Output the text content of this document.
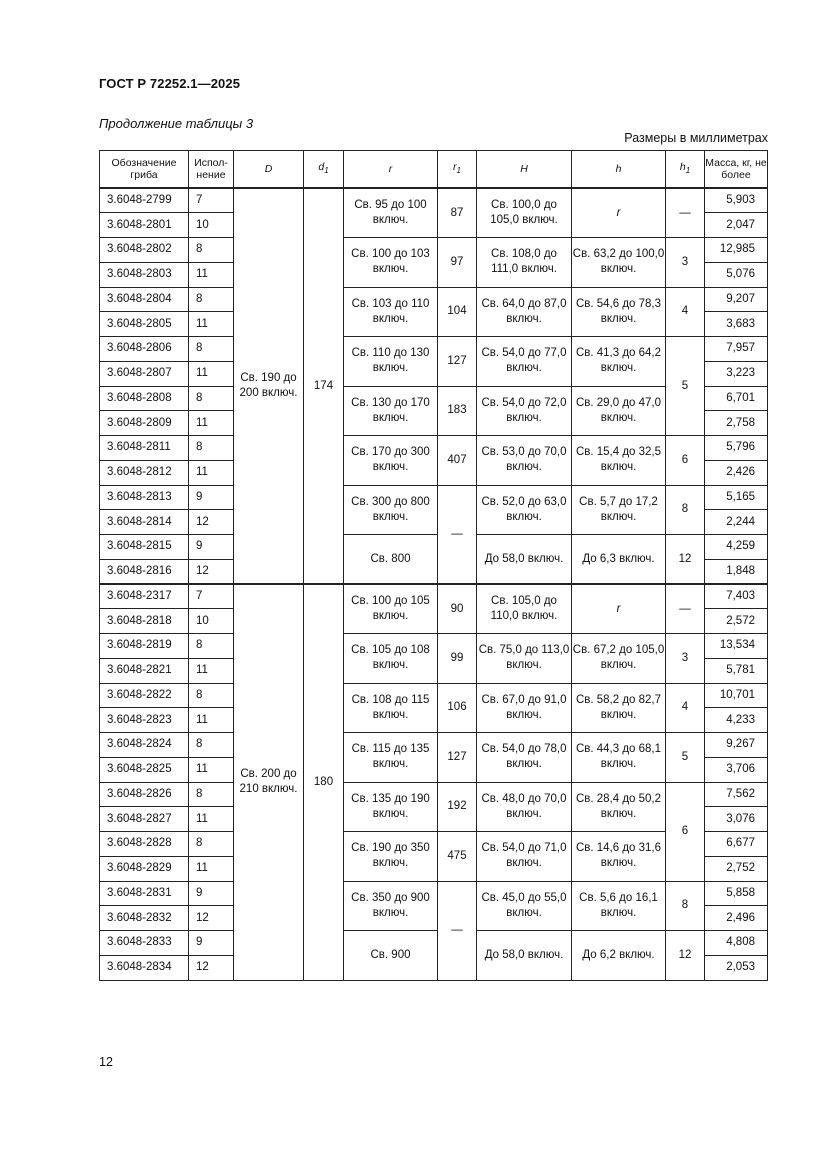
ГОСТ Р 72252.1—2025
Продолжение таблицы 3
Размеры в миллиметрах
Обозначение гриба	Испол-нение	D	$d_1$	r	$r_1$	H	h	$h_1$	Масса, кг, не более
3.6048-2799	7	Св. 190 до 200 включ.	174	Св. 95 до 100 включ.	87	Св. 100,0 до 105,0 включ.	r	—	5,903
3.6048-2801	10								2,047
3.6048-2802	8			Св. 100 до 103 включ.	97	Св. 108,0 до 111,0 включ.	Св. 63,2 до 100,0 включ.	3	12,985
3.6048-2803	11								5,076
3.6048-2804	8			Св. 103 до 110 включ.	104	Св. 64,0 до 87,0 включ.	Св. 54,6 до 78,3 включ.	4	9,207
3.6048-2805	11								3,683
3.6048-2806	8			Св. 110 до 130 включ.	127	Св. 54,0 до 77,0 включ.	Св. 41,3 до 64,2 включ.	5	7,957
3.6048-2807	11								3,223
3.6048-2808	8			Св. 130 до 170 включ.	183	Св. 54,0 до 72,0 включ.	Св. 29,0 до 47,0 включ.		6,701
3.6048-2809	11								2,758
3.6048-2811	8			Св. 170 до 300 включ.	407	Св. 53,0 до 70,0 включ.	Св. 15,4 до 32,5 включ.	6	5,796
3.6048-2812	11								2,426
3.6048-2813	9			Св. 300 до 800 включ.	—	Св. 52,0 до 63,0 включ.	Св. 5,7 до 17,2 включ.	8	5,165
3.6048-2814	12								2,244
3.6048-2815	9			Св. 800		До 58,0 включ.	До 6,3 включ.	12	4,259
3.6048-2816	12								1,848
3.6048-2317	7	Св. 200 до 210 включ.	180	Св. 100 до 105 включ.	90	Св. 105,0 до 110,0 включ.	r	—	7,403
3.6048-2818	10								2,572
3.6048-2819	8			Св. 105 до 108 включ.	99	Св. 75,0 до 113,0 включ.	Св. 67,2 до 105,0 включ.	3	13,534
3.6048-2821	11								5,781
3.6048-2822	8			Св. 108 до 115 включ.	106	Св. 67,0 до 91,0 включ.	Св. 58,2 до 82,7 включ.	4	10,701
3.6048-2823	11								4,233
3.6048-2824	8			Св. 115 до 135 включ.	127	Св. 54,0 до 78,0 включ.	Св. 44,3 до 68,1 включ.	5	9,267
3.6048-2825	11								3,706
3.6048-2826	8			Св. 135 до 190 включ.	192	Св. 48,0 до 70,0 включ.	Св. 28,4 до 50,2 включ.	6	7,562
3.6048-2827	11								3,076
3.6048-2828	8			Св. 190 до 350 включ.	475	Св. 54,0 до 71,0 включ.	Св. 14,6 до 31,6 включ.		6,677
3.6048-2829	11								2,752
3.6048-2831	9			Св. 350 до 900 включ.	—	Св. 45,0 до 55,0 включ.	Св. 5,6 до 16,1 включ.	8	5,858
3.6048-2832	12								2,496
3.6048-2833	9			Св. 900		До 58,0 включ.	До 6,2 включ.	12	4,808
3.6048-2834	12								2,053
12
